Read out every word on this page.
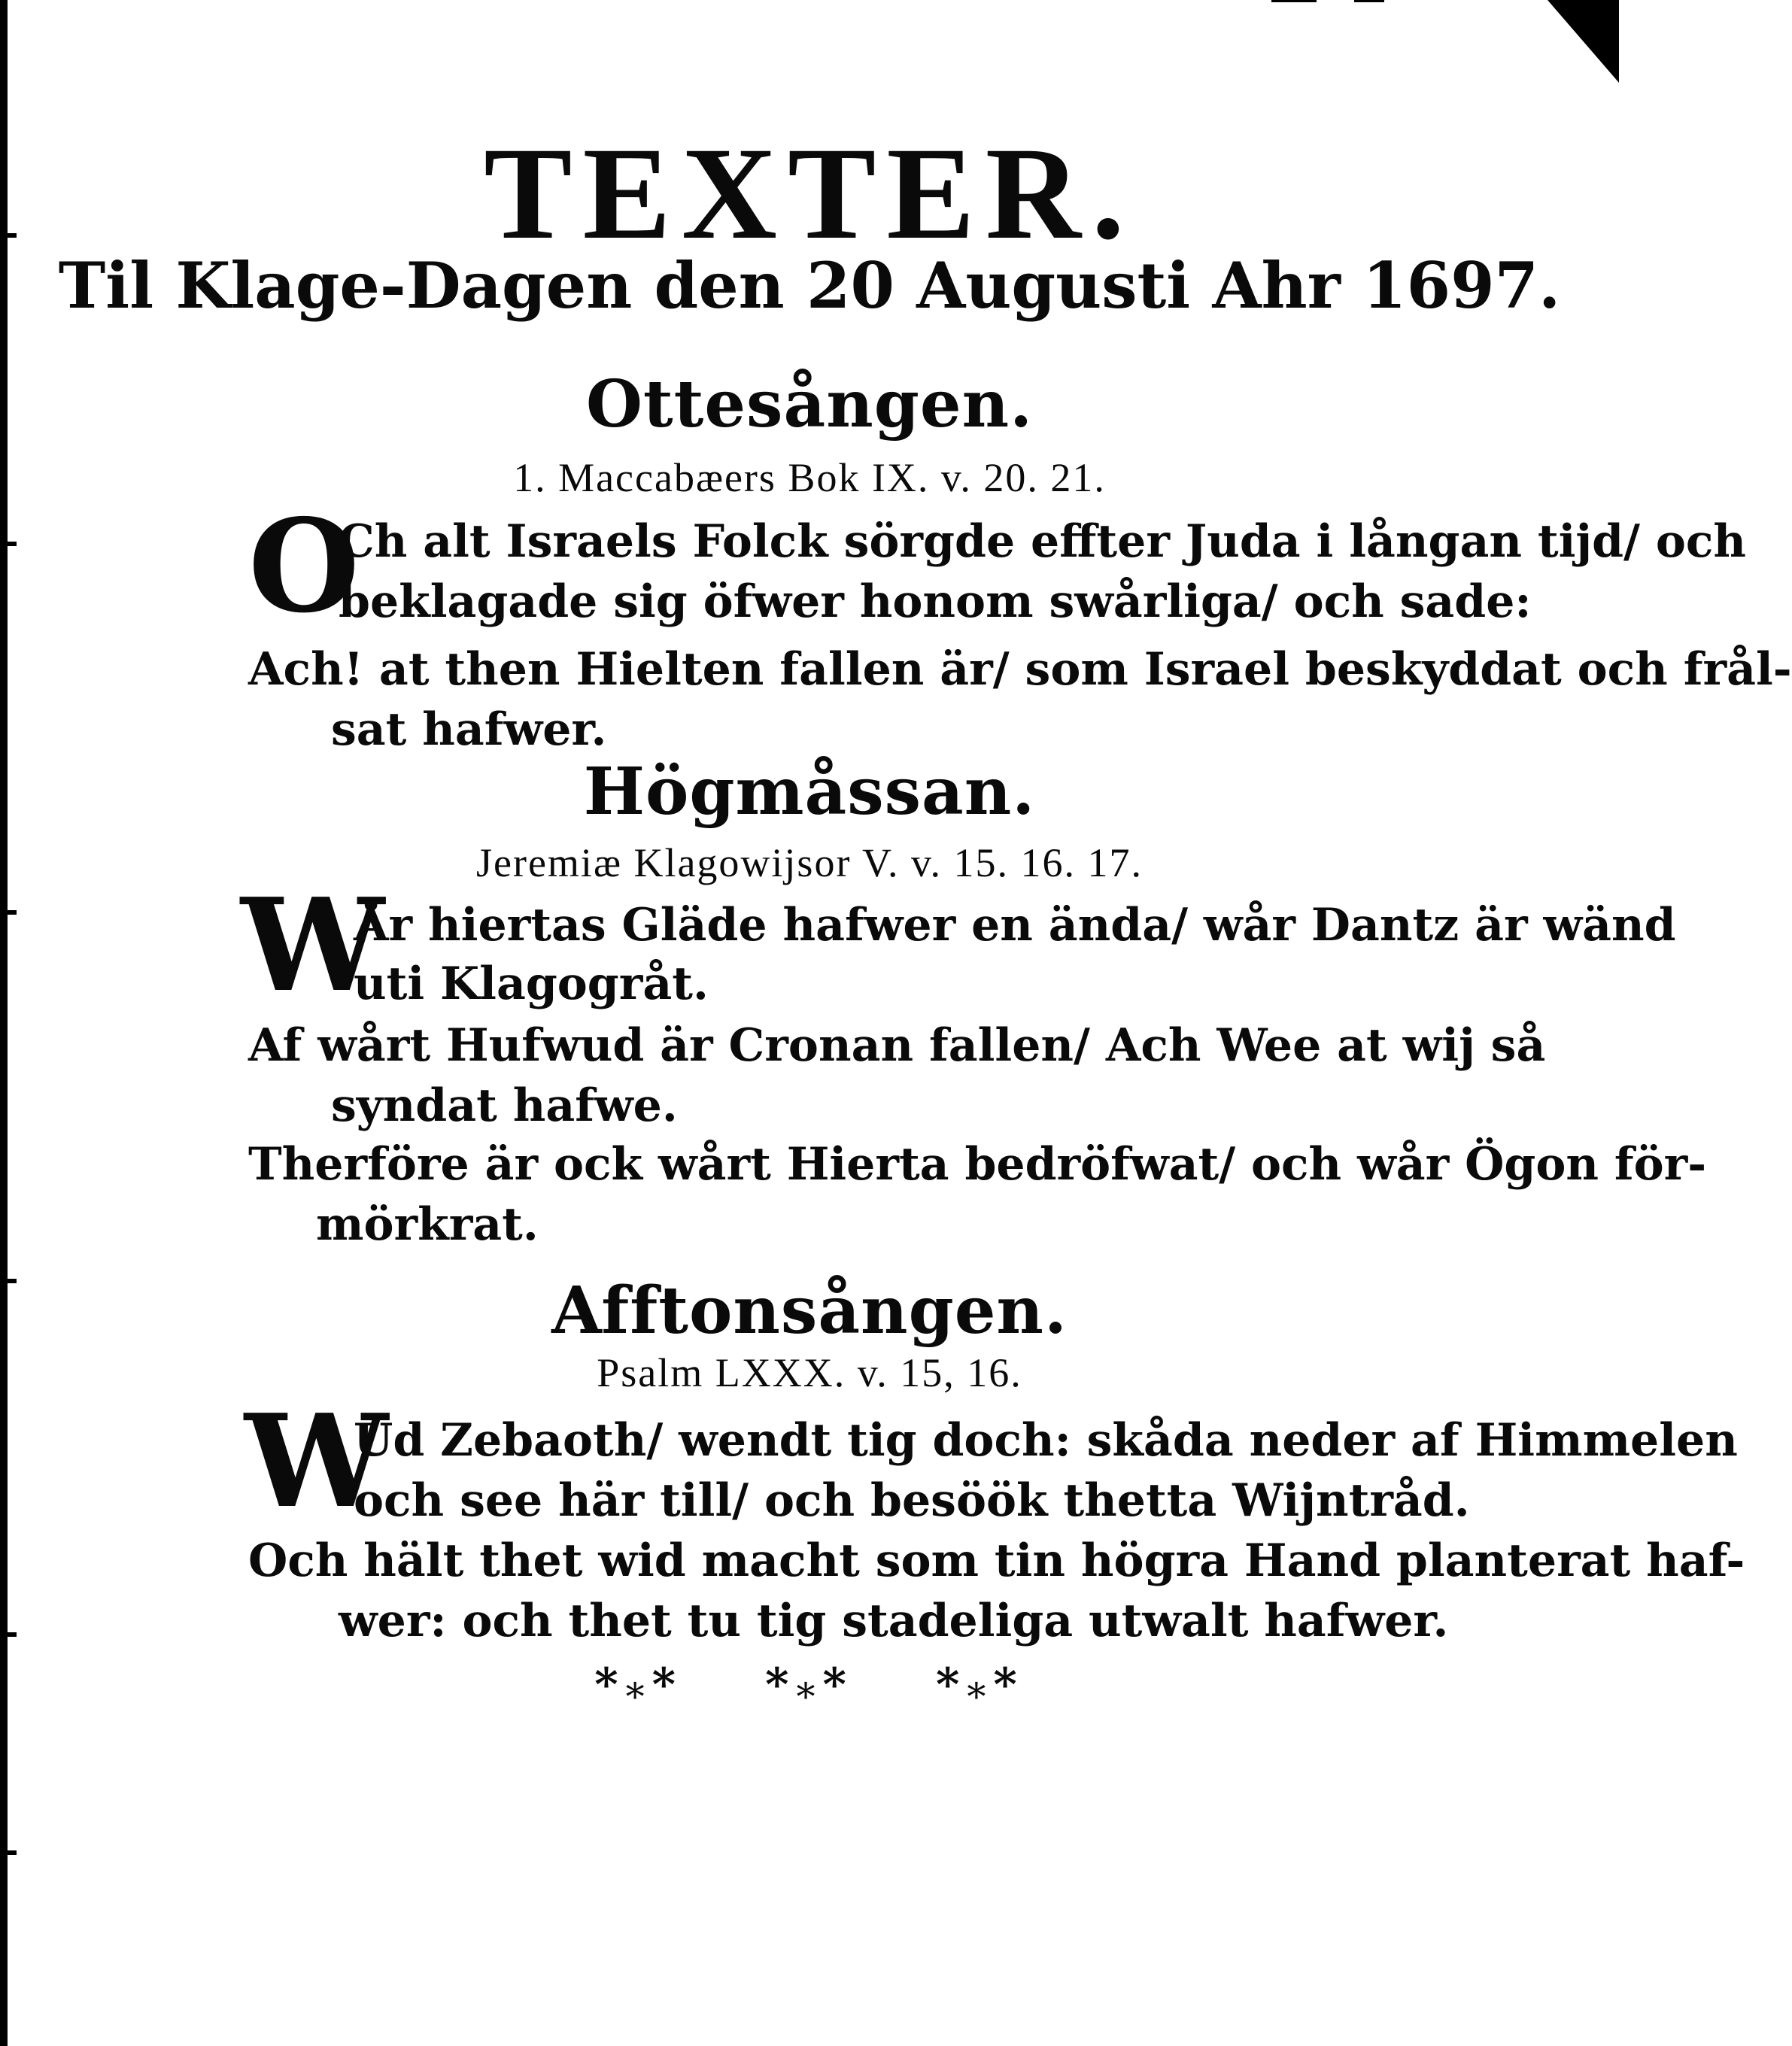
TEXTER.
Til Klage-Dagen den 20 Augusti Ahr 1697.
Ottesången.
1. Maccabæers Bok IX. v. 20. 21.
O
Ch alt Israels Folck sörgde effter Juda i långan tijd/ och
beklagade sig öfwer honom swårliga/ och sade:
Ach! at then Hielten fallen är/ som Israel beskyddat och frål-
sat hafwer.
Högmåssan.
Jeremiæ Klagowijsor V. v. 15. 16. 17.
W
År hiertas Gläde hafwer en ända/ wår Dantz är wänd
uti Klagogråt.
Af wårt Hufwud är Cronan fallen/ Ach Wee at wij så
syndat hafwe.
Therföre är ock wårt Hierta bedröfwat/ och wår Ögon för-
mörkrat.
Afftonsången.
Psalm LXXX. v. 15, 16.
W
Ud Zebaoth/ wendt tig doch: skåda neder af Himmelen
och see här till/ och besöök thetta Wijntråd.
Och hält thet wid macht som tin högra Hand planterat haf-
wer: och thet tu tig stadeliga utwalt hafwer.
$*_**$ $*_**$ $*_**$
